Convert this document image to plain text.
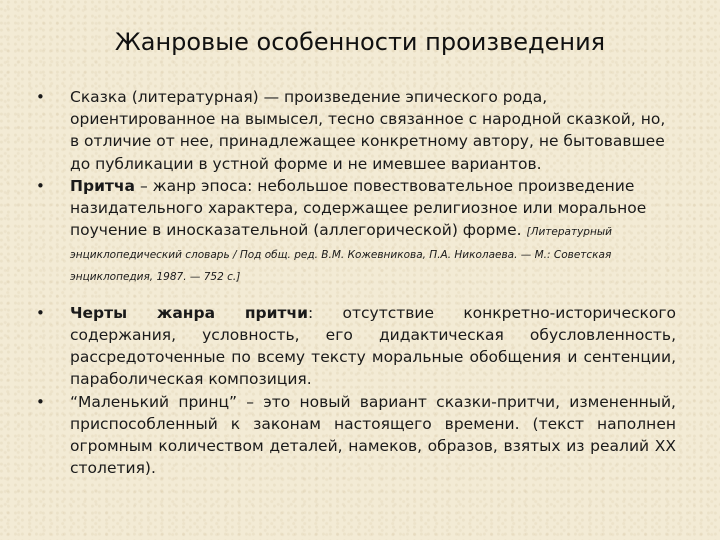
Жанровые особенности произведения
•	Сказка (литературная) — произведение эпического рода, ориентированное на вымысел, тесно связанное с народной сказкой, но, в отличие от нее, принадлежащее конкретному автору, не бытовавшее до публикации в устной форме и не имевшее вариантов.
•	Притча – жанр эпоса: небольшое повествовательное произведение назидательного характера, содержащее религиозное или моральное поучение в иносказательной (аллегорической) форме. [Литературный энциклопедический словарь / Под общ. ред. В.М. Кожевникова, П.А. Николаева. — М.: Советская энциклопедия, 1987. — 752 с.]
•	Черты жанра притчи: отсутствие конкретно-исторического содержания, условность, его дидактическая обусловленность, рассредоточенные по всему тексту моральные обобщения и сентенции, параболическая композиция.
•	“Маленький принц” – это новый вариант сказки-притчи, измененный, приспособленный к законам настоящего времени. (текст наполнен огромным количеством деталей, намеков, образов, взятых из реалий XX столетия).
